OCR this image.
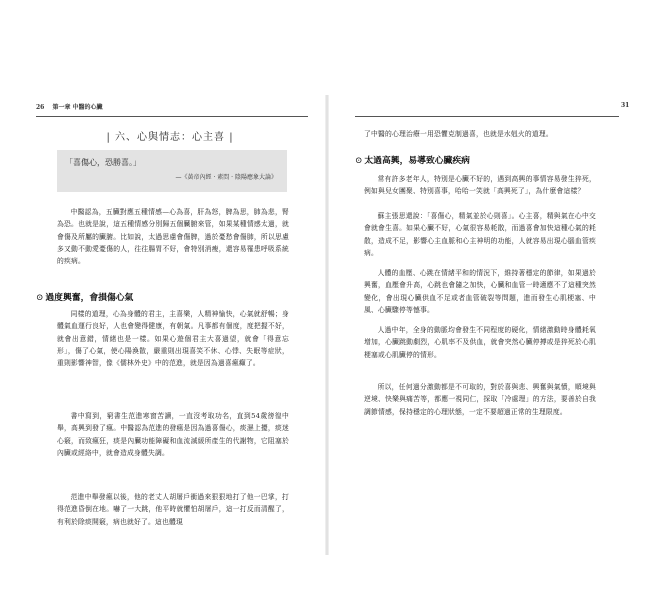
26 第一章 中醫的心臟
| 六、心與情志：心主喜 |
「喜傷心，恐勝喜。」
—《黃帝內經 · 素問 · 陰陽應象大論》

中醫認為，五臟對應五種情感—心為喜，肝為怒，脾為思，肺為悲，腎為恐。也就是說，這五種情感分別歸五個臟腑來管，如果某種情感太過，就會傷及所屬的臟腑。比如說，太過思慮會傷脾，過於憂愁會傷肺，所以思慮多又動不動愛憂傷的人，往往腸胃不好，會特別消瘦，還容易罹患呼吸系統的疾病。

⊙ 過度興奮，會損傷心氣

同樣的道理，心為身體的君主，主喜樂，人精神愉快，心氣就舒暢；身體氣血運行良好，人也會變得健康，有朝氣。凡事都有個度，度把握不好，就會出意錯，情緒也是一樣。如果心遊個君主大喜過望，就會「得意忘形」，傷了心氣，使心陽渙散，嚴重則出現喜笑不休、心悸、失眠等症狀，重則影響神智，像《儒林外史》中的范進，就是因為過喜瘋癲了。

書中寫到，窮書生范進寒窗苦讀，一直沒考取功名，直到54歲徬徨中舉，高興到發了瘋。中醫認為范進的發瘋是因為過喜傷心，痰濕上擾，痰迷心竅，而致瘋狂，痰是內臟功能障礙和血流滅緩所產生的代謝物，它阻塞於內臟或經絡中，就會造成身體失調。

范進中舉發瘋以後，他的老丈人胡屠戶衝過來狠狠地打了他一巴掌，打得范進昏倒在地。嚇了一大跳，他平時就懼怕胡屠戶，這一打反而清醒了，有利於除痰開竅，病也就好了。這也體現

31

了中醫的心理治療一用恐懼克制過喜，也就是水剋火的道理。

⊙ 太過高興，易導致心臟疾病

常有許多老年人，特別是心臟不好的，遇到高興的事情容易發生猝死，例如與兒女團聚、特別喜事，哈哈一笑就「高興死了」，為什麼會這樣？

蘇主張思還說：「喜傷心，精氣並於心則喜」。心主喜，精與氣在心中交會就會生喜。如果心臟不好，心氣很容易耗散，而過喜會加快這種心氣的耗散，造成不足，影響心主血脈和心主神明的功能，人就容易出現心腦血管疾病。

人體的血壓、心跳在情緒平和的情況下，維持著穩定的節律，如果過於興奮，血壓會升高，心跳也會隨之加快，心臟和血管一時適應不了這種突然變化，會出現心臟供血不足或者血管破裂等問題，進而發生心肌梗塞、中風、心臟驟停等憾事。

人過中年，全身的動脈均會發生不同程度的硬化，情緒激動時身體耗氧增加，心臟跳動劇烈，心肌率不及供血，就會突然心臟停搏或是猝死於心肌梗塞或心肌臟停的情形。

所以，任何過分激動都是不可取的，對於喜與悲、興奮與氣憤，順境與逆境、快樂與痛苦等，都應一視同仁，採取「冷處理」的方法，要善於自我調節情感，保持穩定的心理狀態，一定不要超過正常的生理限度。
